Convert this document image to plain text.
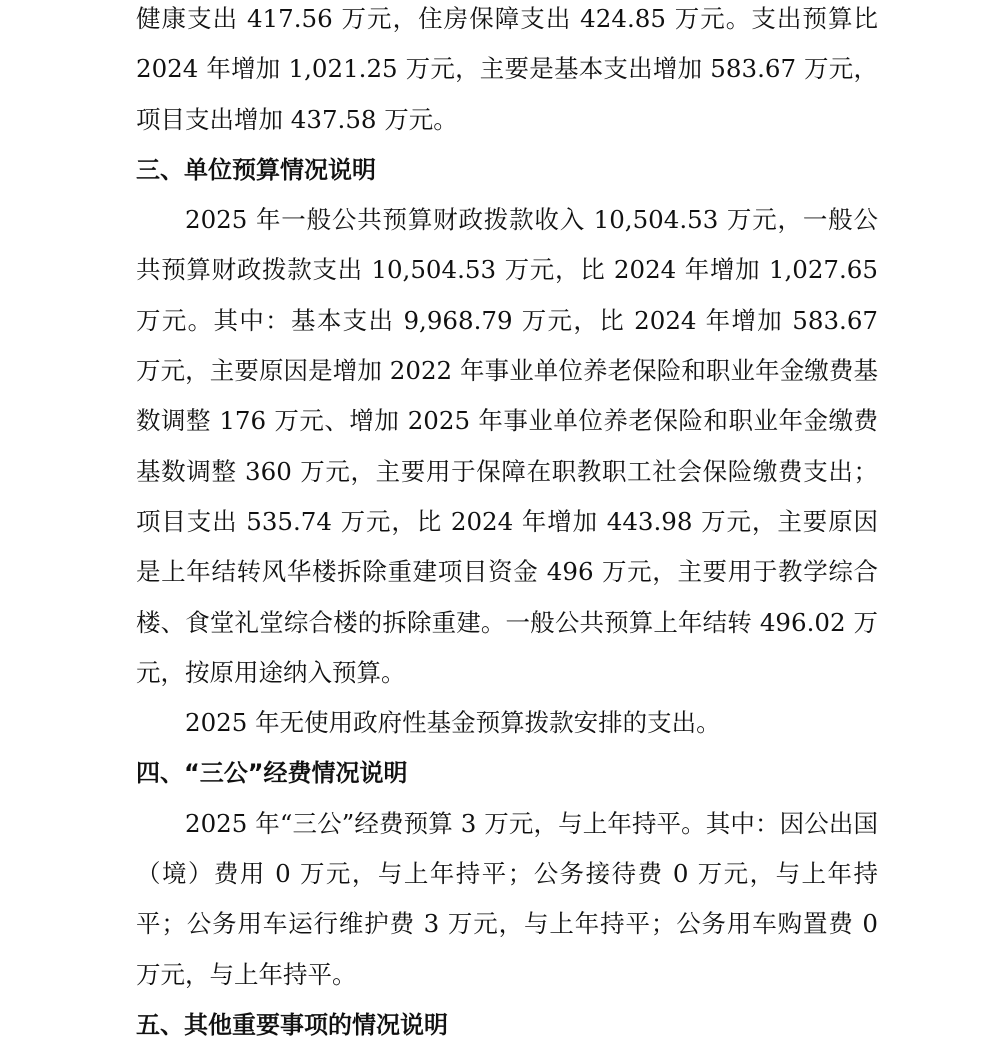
健康支出 417.56 万元，住房保障支出 424.85 万元。支出预算比 2024 年增加 1,021.25 万元，主要是基本支出增加 583.67 万元，项目支出增加 437.58 万元。

三、单位预算情况说明

2025 年一般公共预算财政拨款收入 10,504.53 万元，一般公共预算财政拨款支出 10,504.53 万元，比 2024 年增加 1,027.65 万元。其中：基本支出 9,968.79 万元，比 2024 年增加 583.67 万元，主要原因是增加 2022 年事业单位养老保险和职业年金缴费基数调整 176 万元、增加 2025 年事业单位养老保险和职业年金缴费基数调整 360 万元，主要用于保障在职教职工社会保险缴费支出；项目支出 535.74 万元，比 2024 年增加 443.98 万元，主要原因是上年结转风华楼拆除重建项目资金 496 万元，主要用于教学综合楼、食堂礼堂综合楼的拆除重建。一般公共预算上年结转 496.02 万元，按原用途纳入预算。

2025 年无使用政府性基金预算拨款安排的支出。

四、“三公”经费情况说明

2025 年“三公”经费预算 3 万元，与上年持平。其中：因公出国（境）费用 0 万元，与上年持平；公务接待费 0 万元，与上年持平；公务用车运行维护费 3 万元，与上年持平；公务用车购置费 0 万元，与上年持平。

五、其他重要事项的情况说明
